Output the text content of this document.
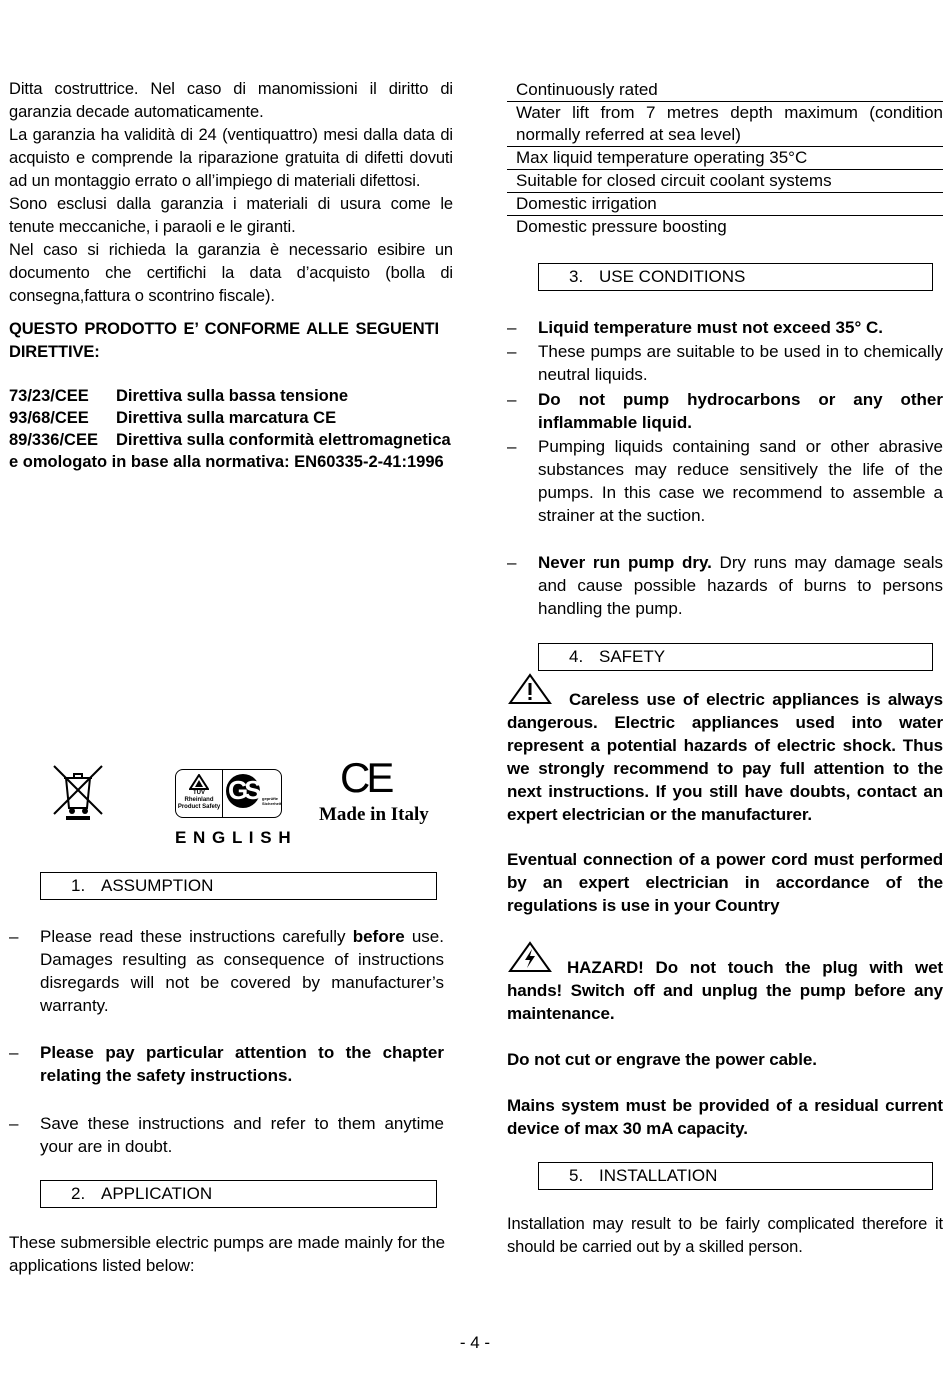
Ditta costruttrice. Nel caso di manomissioni il diritto di garanzia decade automaticamente.

La garanzia ha validità di 24 (ventiquattro) mesi dalla data di acquisto e comprende la riparazione gratuita di difetti dovuti ad un montaggio errato o all’impiego di materiali difettosi.

Sono esclusi dalla garanzia i materiali di usura come le tenute meccaniche, i paraoli e le giranti.

Nel caso si richieda la garanzia è necessario esibire un documento che certifichi la data d’acquisto (bolla di consegna,fattura o scontrino fiscale).

QUESTO PRODOTTO E’ CONFORME ALLE SEGUENTI DIRETTIVE:

73/23/CEE Direttiva sulla bassa tensione
93/68/CEE Direttiva sulla marcatura CE
89/336/CEE Direttiva sulla conformità elettromagnetica
e omologato in base alla normativa: EN60335-2-41:1996
TÜV
Rheinland
Product Safety
GS geprüfte Sicherheit
CE
Made in Italy
E N G L I S H
1. ASSUMPTION
– Please read these instructions carefully before use. Damages resulting as consequence of instructions disregards will not be covered by manufacturer’s warranty.
– Please pay particular attention to the chapter relating the safety instructions.
– Save these instructions and refer to them anytime your are in doubt.
2. APPLICATION

These submersible electric pumps are made mainly for the applications listed below:

Continuously rated
Water lift from 7 metres depth maximum (condition normally referred at sea level)
Max liquid temperature operating 35°C
Suitable for closed circuit coolant systems
Domestic irrigation
Domestic pressure boosting
3. USE CONDITIONS
– Liquid temperature must not exceed 35° C.
– These pumps are suitable to be used in to chemically neutral liquids.
– Do not pump hydrocarbons or any other inflammable liquid.
– Pumping liquids containing sand or other abrasive substances may reduce sensitively the life of the pumps. In this case we recommend to assemble a strainer at the suction.
– Never run pump dry. Dry runs may damage seals and cause possible hazards of burns to persons handling the pump.
4. SAFETY

Careless use of electric appliances is always dangerous. Electric appliances used into water represent a potential hazards of electric shock. Thus we strongly recommend to pay full attention to the next instructions. If you still have doubts, contact an expert electrician or the manufacturer.

Eventual connection of a power cord must performed by an expert electrician in accordance of the regulations is use in your Country

HAZARD! Do not touch the plug with wet hands! Switch off and unplug the pump before any maintenance.

Do not cut or engrave the power cable.

Mains system must be provided of a residual current device of max 30 mA capacity.

5. INSTALLATION

Installation may result to be fairly complicated therefore it should be carried out by a skilled person.

- 4 -
